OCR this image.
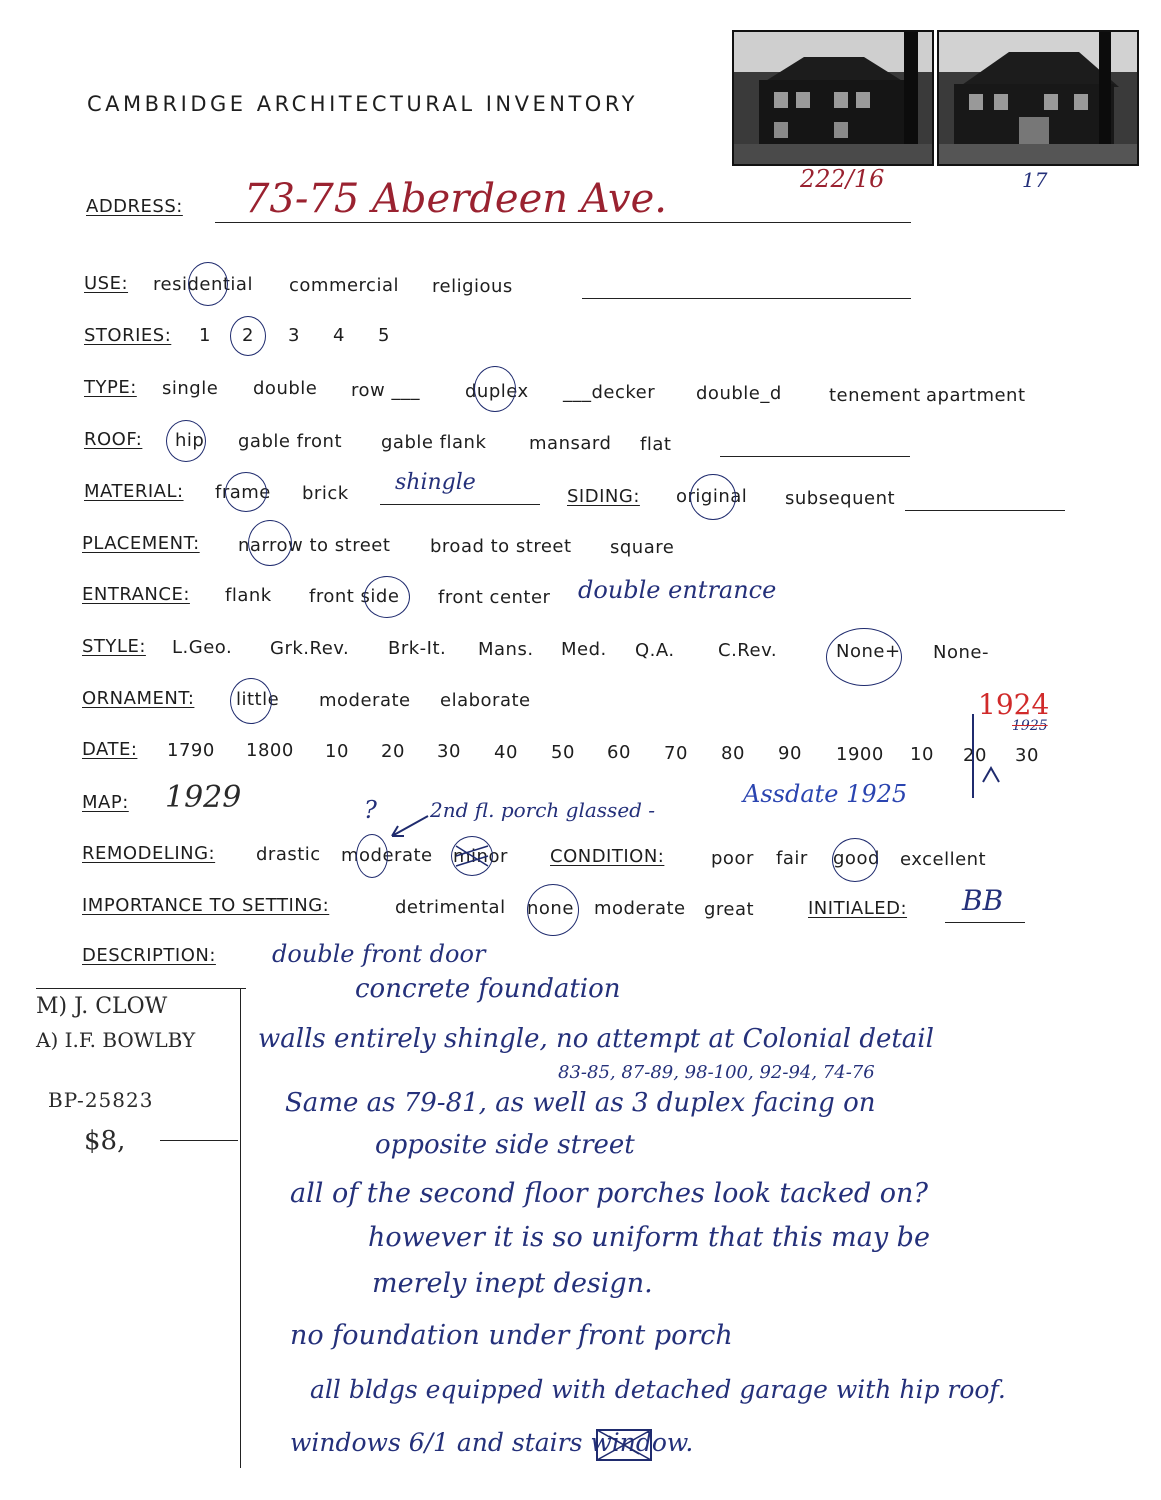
CAMBRIDGE ARCHITECTURAL INVENTORY
222/16	17
ADDRESS: 73-75 Aberdeen Ave.
USE: residential commercial religious
STORIES: 1 2 3 4 5
TYPE: single double row ___	duplex ___decker double_d	tenement apartment
ROOF: hip gable front gable flank mansard flat
MATERIAL: frame brick shingle
SIDING: original subsequent
PLACEMENT: narrow to street broad to street square
ENTRANCE: flank front side front center double entrance
STYLE: L.Geo. Grk.Rev. Brk-It. Mans. Med. Q.A. C.Rev.	None+ None-
ORNAMENT: little moderate elaborate
DATE: 1790 1800 10 20 30 40 50 60 70 80 90 1900 10 20 30
1924
1925
MAP: 1929	Assdate 1925
?	2nd fl. porch glassed -
REMODELING: drastic moderate minor CONDITION:	poor fair good excellent
IMPORTANCE TO SETTING:	detrimental none moderate great	INITIALED: BB
DESCRIPTION: double front door
concrete foundation
walls entirely shingle, no attempt at Colonial detail
83-85, 87-89, 98-100, 92-94, 74-76
Same as 79-81, as well as 3 duplex facing on
opposite side street
all of the second floor porches look tacked on?
however it is so uniform that this may be
merely inept design.
no foundation under front porch
all bldgs equipped with detached garage with hip roof.
windows 6/1 and stairs window.
M) J. CLOW
A) I.F. BOWLBY
BP-25823
$8,
